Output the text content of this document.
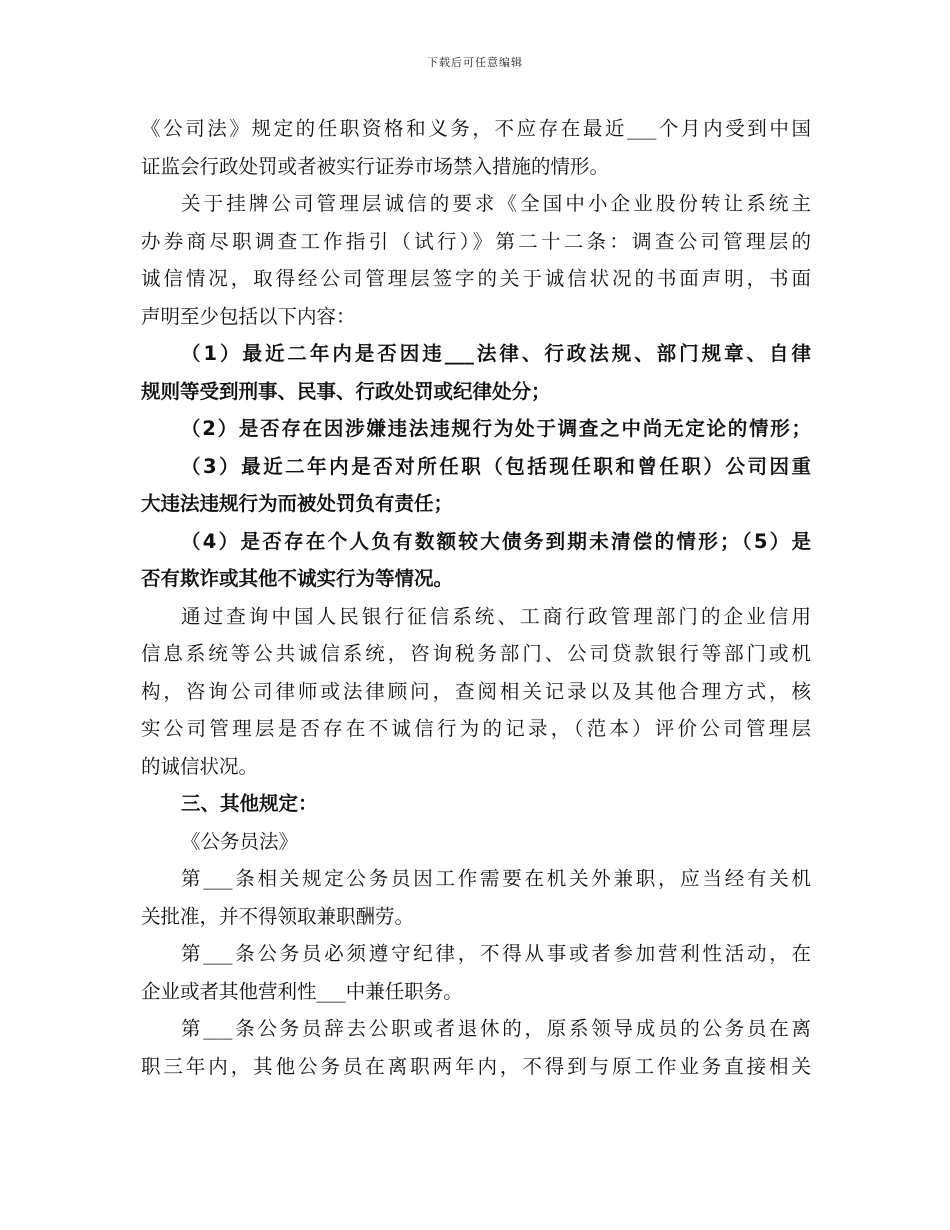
下载后可任意编辑
《公司法》规定的任职资格和义务，不应存在最近___个月内受到中国
证监会行政处罚或者被实行证券市场禁入措施的情形。
关于挂牌公司管理层诚信的要求《全国中小企业股份转让系统主
办券商尽职调查工作指引（试行）》第二十二条：调查公司管理层的
诚信情况，取得经公司管理层签字的关于诚信状况的书面声明，书面
声明至少包括以下内容：
（1）最近二年内是否因违___法律、行政法规、部门规章、自律
规则等受到刑事、民事、行政处罚或纪律处分；
（2）是否存在因涉嫌违法违规行为处于调查之中尚无定论的情形；
（3）最近二年内是否对所任职（包括现任职和曾任职）公司因重
大违法违规行为而被处罚负有责任；
（4）是否存在个人负有数额较大债务到期未清偿的情形；（5）是
否有欺诈或其他不诚实行为等情况。
通过查询中国人民银行征信系统、工商行政管理部门的企业信用
信息系统等公共诚信系统，咨询税务部门、公司贷款银行等部门或机
构，咨询公司律师或法律顾问，查阅相关记录以及其他合理方式，核
实公司管理层是否存在不诚信行为的记录，（范本）评价公司管理层
的诚信状况。
三、其他规定：
《公务员法》
第___条相关规定公务员因工作需要在机关外兼职，应当经有关机
关批准，并不得领取兼职酬劳。
第___条公务员必须遵守纪律，不得从事或者参加营利性活动，在
企业或者其他营利性___中兼任职务。
第___条公务员辞去公职或者退休的，原系领导成员的公务员在离
职三年内，其他公务员在离职两年内，不得到与原工作业务直接相关
